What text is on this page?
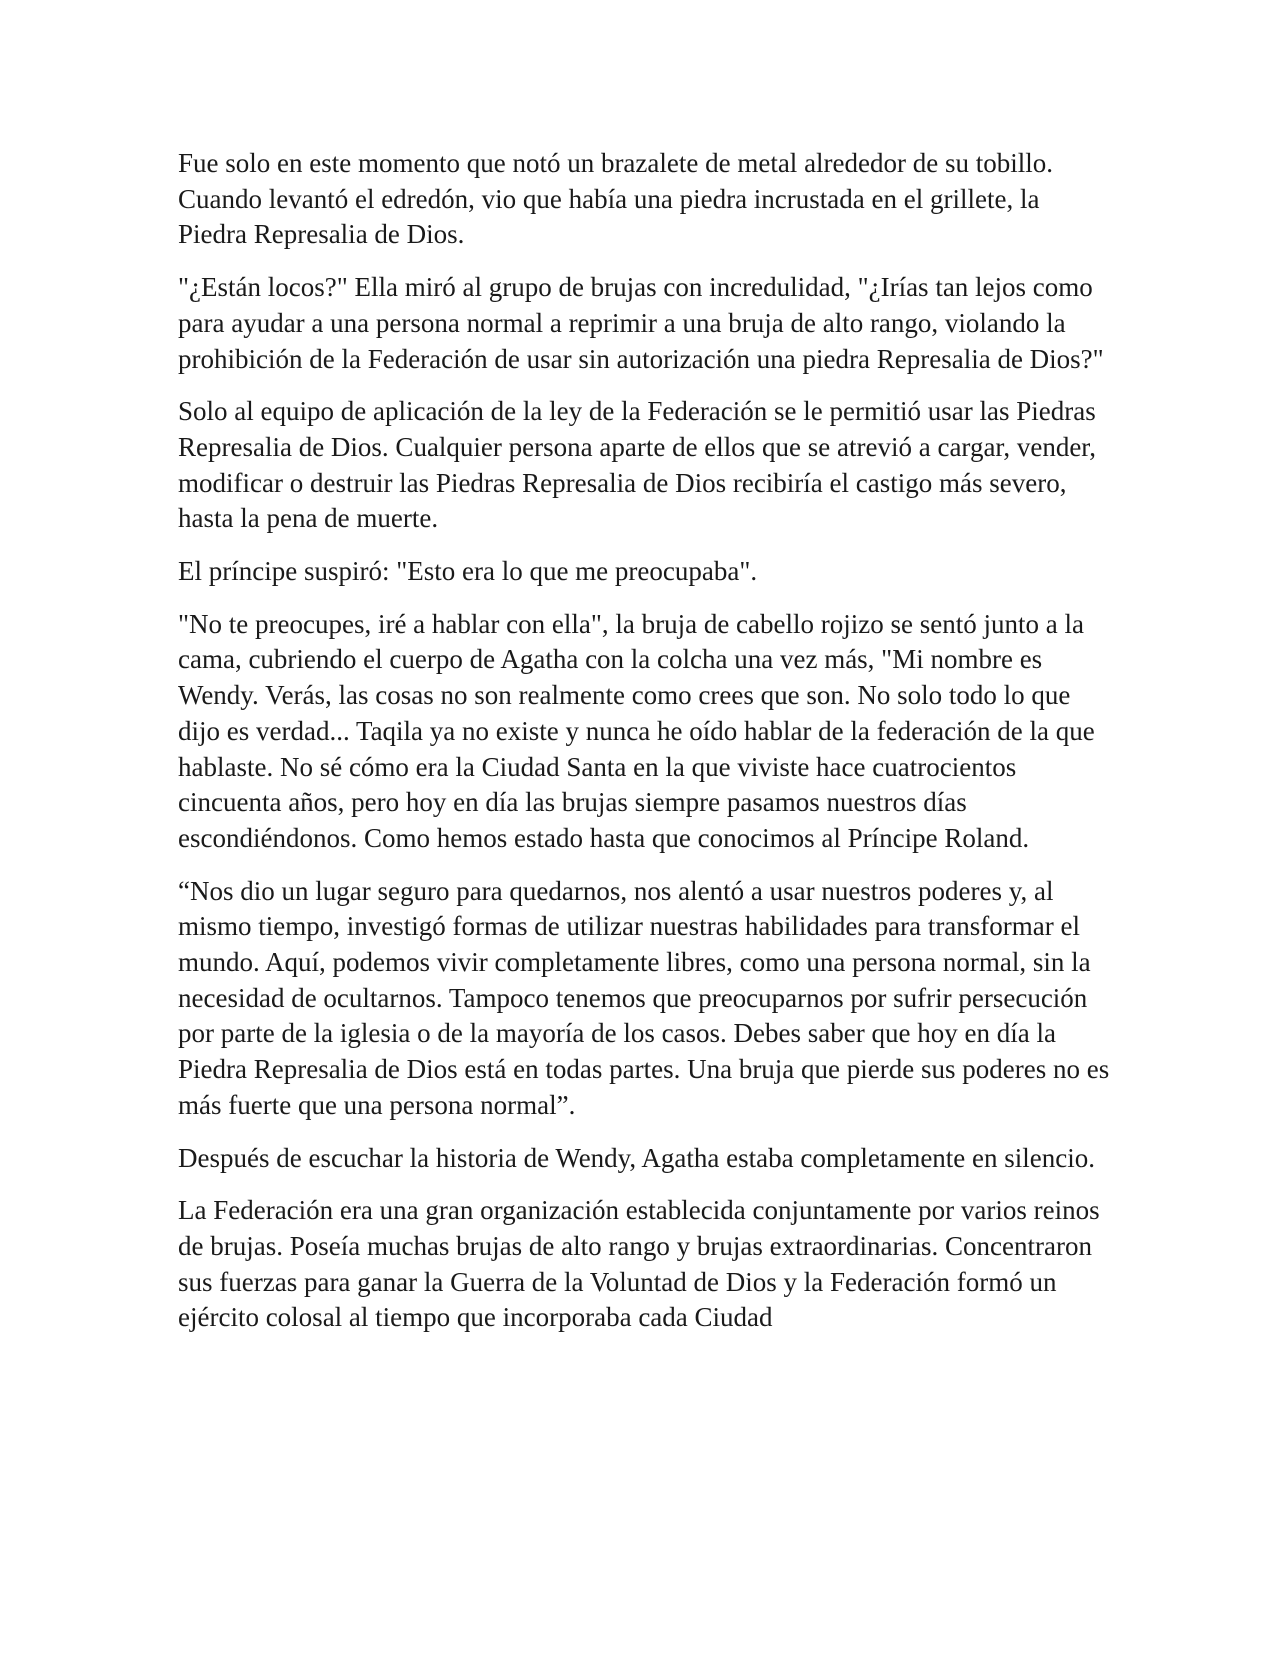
Fue solo en este momento que notó un brazalete de metal alrededor de su tobillo. Cuando levantó el edredón, vio que había una piedra incrustada en el grillete, la Piedra Represalia de Dios.

"¿Están locos?" Ella miró al grupo de brujas con incredulidad, "¿Irías tan lejos como para ayudar a una persona normal a reprimir a una bruja de alto rango, violando la prohibición de la Federación de usar sin autorización una piedra Represalia de Dios?"

Solo al equipo de aplicación de la ley de la Federación se le permitió usar las Piedras Represalia de Dios. Cualquier persona aparte de ellos que se atrevió a cargar, vender, modificar o destruir las Piedras Represalia de Dios recibiría el castigo más severo, hasta la pena de muerte.

El príncipe suspiró: "Esto era lo que me preocupaba".

"No te preocupes, iré a hablar con ella", la bruja de cabello rojizo se sentó junto a la cama, cubriendo el cuerpo de Agatha con la colcha una vez más, "Mi nombre es Wendy. Verás, las cosas no son realmente como crees que son. No solo todo lo que dijo es verdad... Taqila ya no existe y nunca he oído hablar de la federación de la que hablaste. No sé cómo era la Ciudad Santa en la que viviste hace cuatrocientos cincuenta años, pero hoy en día las brujas siempre pasamos nuestros días escondiéndonos. Como hemos estado hasta que conocimos al Príncipe Roland.

“Nos dio un lugar seguro para quedarnos, nos alentó a usar nuestros poderes y, al mismo tiempo, investigó formas de utilizar nuestras habilidades para transformar el mundo. Aquí, podemos vivir completamente libres, como una persona normal, sin la necesidad de ocultarnos. Tampoco tenemos que preocuparnos por sufrir persecución por parte de la iglesia o de la mayoría de los casos. Debes saber que hoy en día la Piedra Represalia de Dios está en todas partes. Una bruja que pierde sus poderes no es más fuerte que una persona normal”.

Después de escuchar la historia de Wendy, Agatha estaba completamente en silencio.

La Federación era una gran organización establecida conjuntamente por varios reinos de brujas. Poseía muchas brujas de alto rango y brujas extraordinarias. Concentraron sus fuerzas para ganar la Guerra de la Voluntad de Dios y la Federación formó un ejército colosal al tiempo que incorporaba cada Ciudad
